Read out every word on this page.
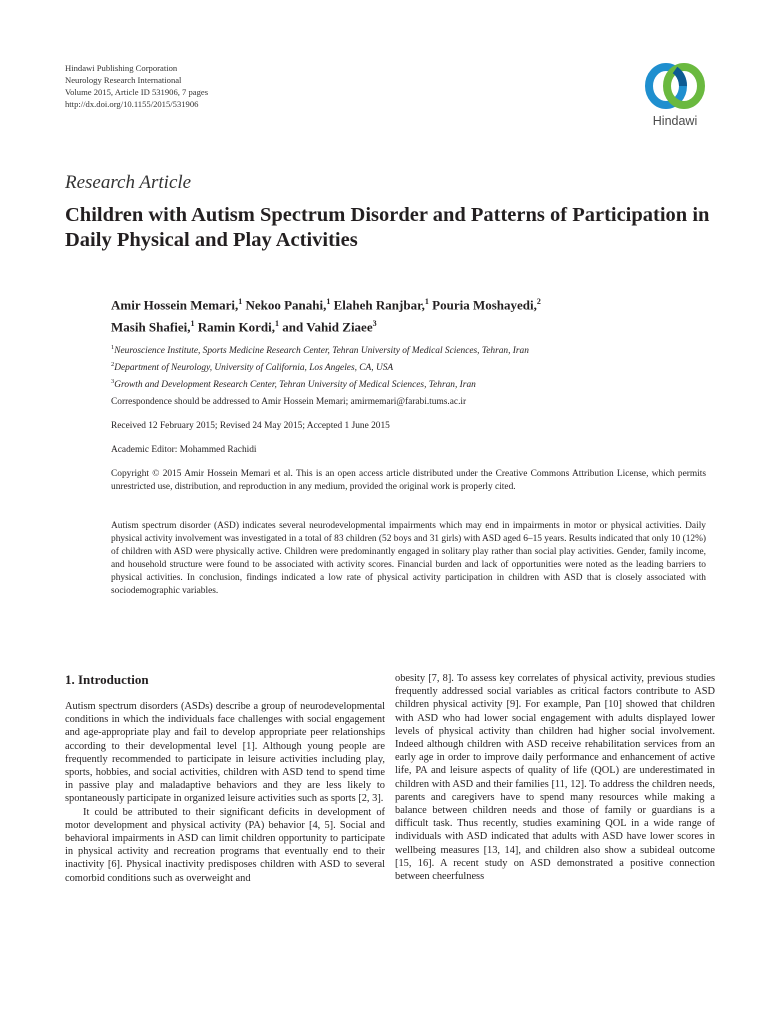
Hindawi Publishing Corporation
Neurology Research International
Volume 2015, Article ID 531906, 7 pages
http://dx.doi.org/10.1155/2015/531906
Hindawi
Research Article
Children with Autism Spectrum Disorder and Patterns of Participation in Daily Physical and Play Activities
Amir Hossein Memari,$^1$ Nekoo Panahi,$^1$ Elaheh Ranjbar,$^1$ Pouria Moshayedi,$^2$
Masih Shafiei,$^1$ Ramin Kordi,$^1$ and Vahid Ziaee$^3$
$^1$Neuroscience Institute, Sports Medicine Research Center, Tehran University of Medical Sciences, Tehran, Iran
$^2$Department of Neurology, University of California, Los Angeles, CA, USA
$^3$Growth and Development Research Center, Tehran University of Medical Sciences, Tehran, Iran
Correspondence should be addressed to Amir Hossein Memari; amirmemari@farabi.tums.ac.ir
Received 12 February 2015; Revised 24 May 2015; Accepted 1 June 2015
Academic Editor: Mohammed Rachidi
Copyright © 2015 Amir Hossein Memari et al. This is an open access article distributed under the Creative Commons Attribution License, which permits unrestricted use, distribution, and reproduction in any medium, provided the original work is properly cited.
Autism spectrum disorder (ASD) indicates several neurodevelopmental impairments which may end in impairments in motor or physical activities. Daily physical activity involvement was investigated in a total of 83 children (52 boys and 31 girls) with ASD aged 6–15 years. Results indicated that only 10 (12%) of children with ASD were physically active. Children were predominantly engaged in solitary play rather than social play activities. Gender, family income, and household structure were found to be associated with activity scores. Financial burden and lack of opportunities were noted as the leading barriers to physical activities. In conclusion, findings indicated a low rate of physical activity participation in children with ASD that is closely associated with sociodemographic variables.
1. Introduction

Autism spectrum disorders (ASDs) describe a group of neurodevelopmental conditions in which the individuals face challenges with social engagement and age-appropriate play and fail to develop appropriate peer relationships according to their developmental level [1]. Although young people are frequently recommended to participate in leisure activities including play, sports, hobbies, and social activities, children with ASD tend to spend time in passive play and maladaptive behaviors and they are less likely to spontaneously participate in organized leisure activities such as sports [2, 3].

It could be attributed to their significant deficits in development of motor development and physical activity (PA) behavior [4, 5]. Social and behavioral impairments in ASD can limit children opportunity to participate in physical activity and recreation programs that eventually end to their inactivity [6]. Physical inactivity predisposes children with ASD to several comorbid conditions such as overweight and

obesity [7, 8]. To assess key correlates of physical activity, previous studies frequently addressed social variables as critical factors contribute to ASD children physical activity [9]. For example, Pan [10] showed that children with ASD who had lower social engagement with adults displayed lower levels of physical activity than children had higher social involvement. Indeed although children with ASD receive rehabilitation services from an early age in order to improve daily performance and enhancement of active life, PA and leisure aspects of quality of life (QOL) are underestimated in children with ASD and their families [11, 12]. To address the children needs, parents and caregivers have to spend many resources while making a balance between children needs and those of family or guardians is a difficult task. Thus recently, studies examining QOL in a wide range of individuals with ASD indicated that adults with ASD have lower scores in wellbeing measures [13, 14], and children also show a subideal outcome [15, 16]. A recent study on ASD demonstrated a positive connection between cheerfulness
